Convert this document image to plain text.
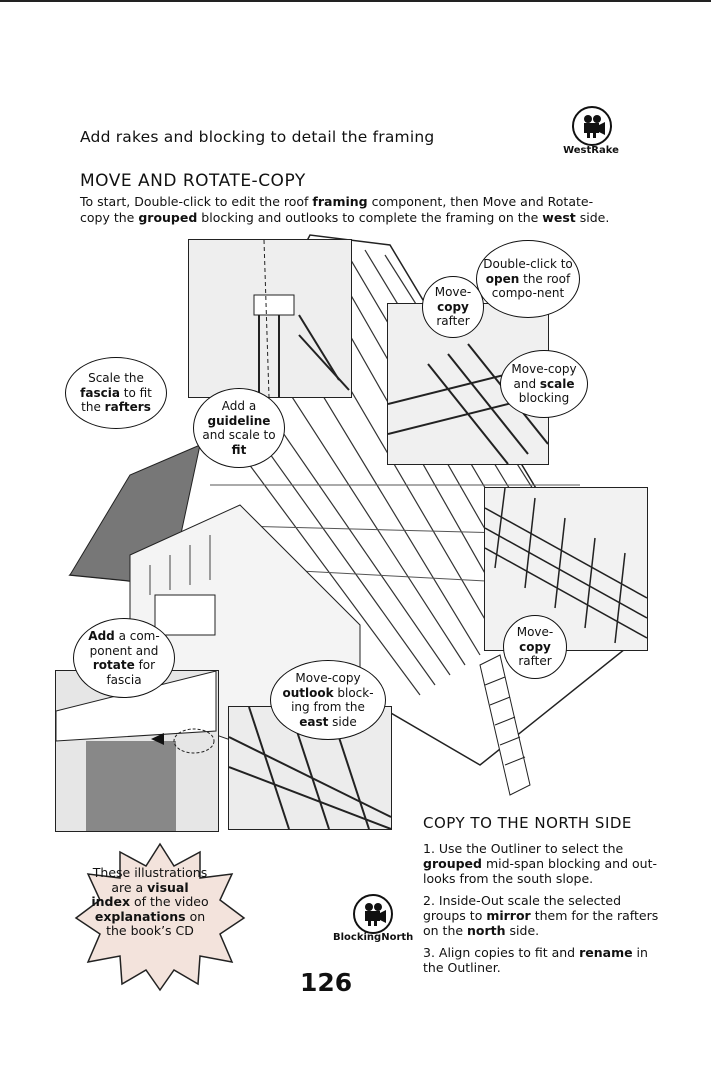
Add rakes and blocking to detail the framing
MOVE AND ROTATE-COPY
To start, Double-click to edit the roof framing component, then Move and Rotate-copy the grouped blocking and outlooks to complete the framing on the west side.
WestRake
Double-click to open the roof compo-nent
Move-
copy
rafter
Scale the fascia to fit the rafters	Add a guideline
and scale to fit
Move-copy and scale
blocking
Add a com-ponent and rotate for fascia	Move-copy outlook block-ing from the east side
Move-
copy
rafter
COPY TO THE NORTH SIDE

1. Use the Outliner to select the grouped mid-span blocking and out-looks from the south slope.

2. Inside-Out scale the selected groups to mirror them for the rafters on the north side.

3. Align copies to fit and rename in the Outliner.

These illustrations are a visual index of the video explanations on the book’s CD	BlockingNorth
126
